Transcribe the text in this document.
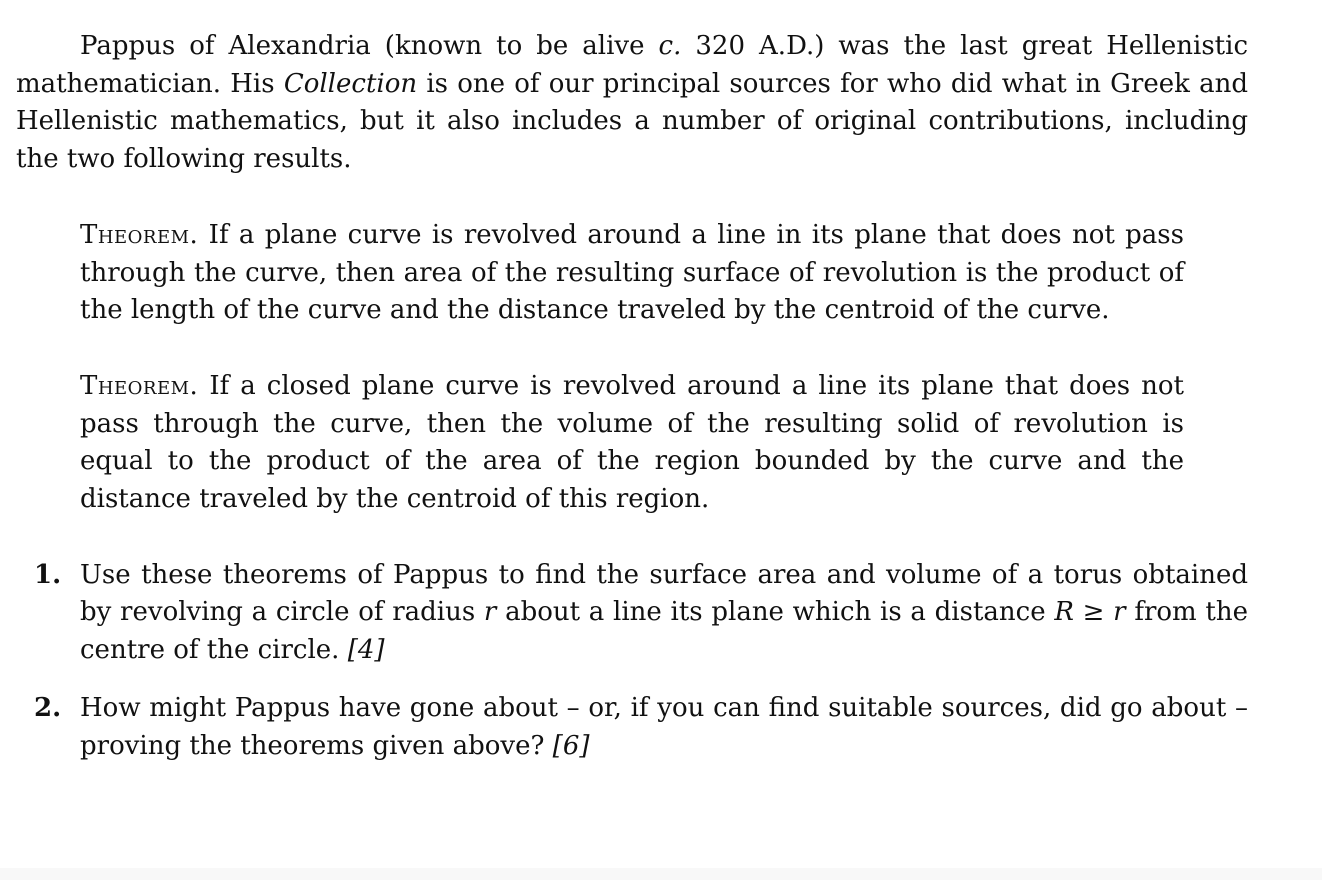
Pappus of Alexandria (known to be alive c. 320 A.D.) was the last great Hellenistic mathematician. His Collection is one of our principal sources for who did what in Greek and Hellenistic mathematics, but it also includes a number of original contributions, including the two following results.

Theorem. If a plane curve is revolved around a line in its plane that does not pass through the curve, then area of the resulting surface of revolution is the product of the length of the curve and the distance traveled by the centroid of the curve.
Theorem. If a closed plane curve is revolved around a line its plane that does not pass through the curve, then the volume of the resulting solid of revolution is equal to the product of the area of the region bounded by the curve and the distance traveled by the centroid of this region.
1. Use these theorems of Pappus to find the surface area and volume of a torus obtained by revolving a circle of radius r about a line its plane which is a distance R ≥ r from the centre of the circle. [4]
2. How might Pappus have gone about – or, if you can find suitable sources, did go about – proving the theorems given above? [6]
